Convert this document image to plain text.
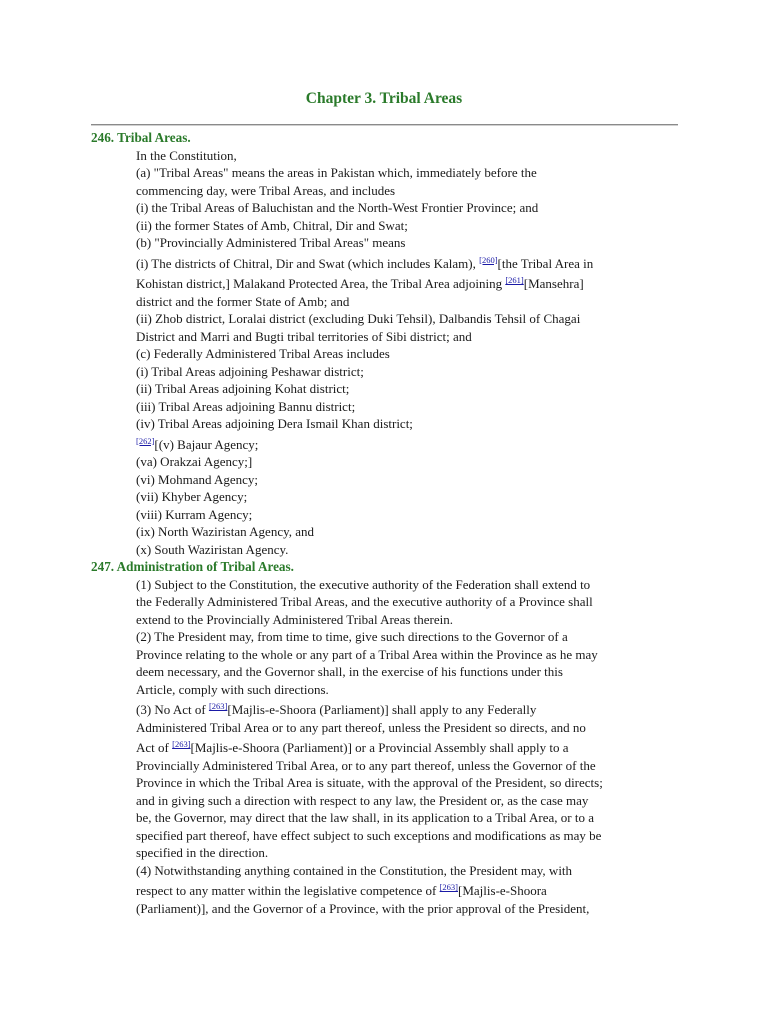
Chapter 3. Tribal Areas
246. Tribal Areas.
In the Constitution,
(a) "Tribal Areas" means the areas in Pakistan which, immediately before the
commencing day, were Tribal Areas, and includes
(i) the Tribal Areas of Baluchistan and the North-West Frontier Province; and
(ii) the former States of Amb, Chitral, Dir and Swat;
(b) "Provincially Administered Tribal Areas" means
(i) The districts of Chitral, Dir and Swat (which includes Kalam), [260][the Tribal Area in
Kohistan district,] Malakand Protected Area, the Tribal Area adjoining [261][Mansehra]
district and the former State of Amb; and
(ii) Zhob district, Loralai district (excluding Duki Tehsil), Dalbandis Tehsil of Chagai
District and Marri and Bugti tribal territories of Sibi district; and
(c) Federally Administered Tribal Areas includes
(i) Tribal Areas adjoining Peshawar district;
(ii) Tribal Areas adjoining Kohat district;
(iii) Tribal Areas adjoining Bannu district;
(iv) Tribal Areas adjoining Dera Ismail Khan district;
[262][(v) Bajaur Agency;
(va) Orakzai Agency;]
(vi) Mohmand Agency;
(vii) Khyber Agency;
(viii) Kurram Agency;
(ix) North Waziristan Agency, and
(x) South Waziristan Agency.
247. Administration of Tribal Areas.
(1) Subject to the Constitution, the executive authority of the Federation shall extend to
the Federally Administered Tribal Areas, and the executive authority of a Province shall
extend to the Provincially Administered Tribal Areas therein.
(2) The President may, from time to time, give such directions to the Governor of a
Province relating to the whole or any part of a Tribal Area within the Province as he may
deem necessary, and the Governor shall, in the exercise of his functions under this
Article, comply with such directions.
(3) No Act of [263][Majlis-e-Shoora (Parliament)] shall apply to any Federally
Administered Tribal Area or to any part thereof, unless the President so directs, and no
Act of [263][Majlis-e-Shoora (Parliament)] or a Provincial Assembly shall apply to a
Provincially Administered Tribal Area, or to any part thereof, unless the Governor of the
Province in which the Tribal Area is situate, with the approval of the President, so directs;
and in giving such a direction with respect to any law, the President or, as the case may
be, the Governor, may direct that the law shall, in its application to a Tribal Area, or to a
specified part thereof, have effect subject to such exceptions and modifications as may be
specified in the direction.
(4) Notwithstanding anything contained in the Constitution, the President may, with
respect to any matter within the legislative competence of [263][Majlis-e-Shoora
(Parliament)], and the Governor of a Province, with the prior approval of the President,
